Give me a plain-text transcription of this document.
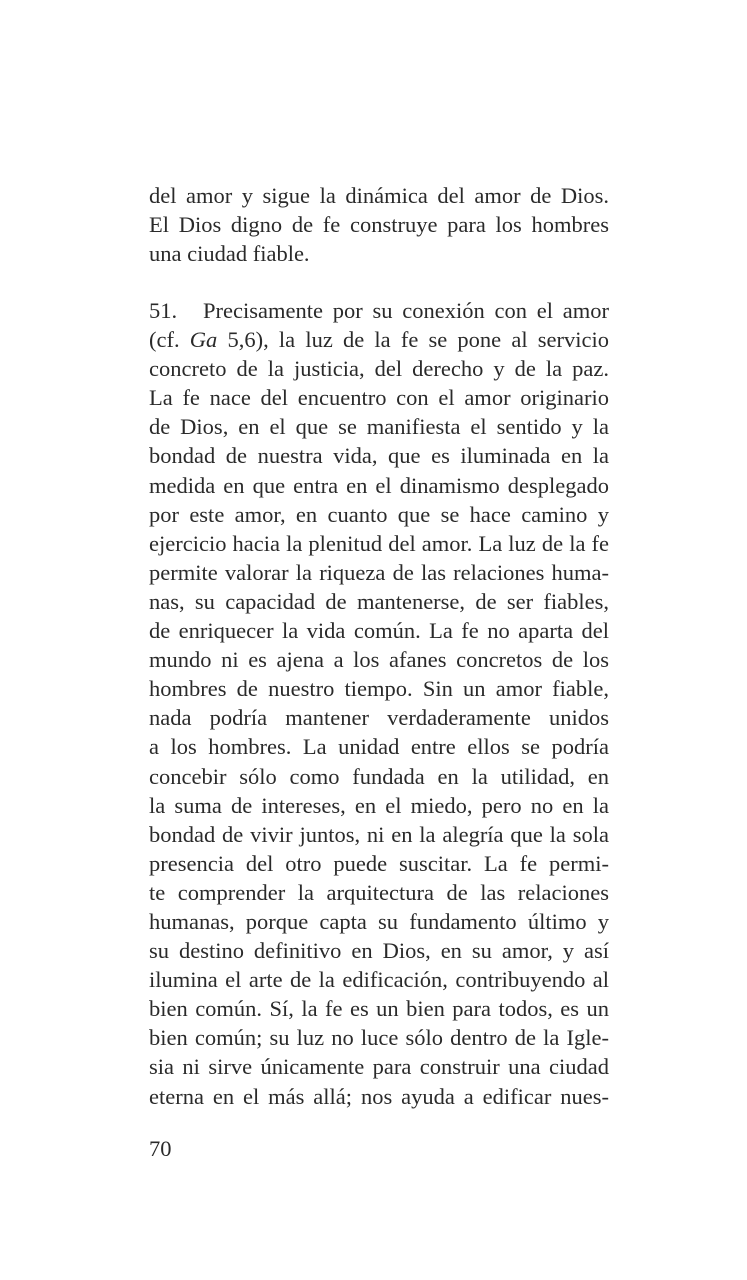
del amor y sigue la dinámica del amor de Dios.
El Dios digno de fe construye para los hombres
una ciudad fiable.
51. Precisamente por su conexión con el amor
(cf. Ga 5,6), la luz de la fe se pone al servicio
concreto de la justicia, del derecho y de la paz.
La fe nace del encuentro con el amor originario
de Dios, en el que se manifiesta el sentido y la
bondad de nuestra vida, que es iluminada en la
medida en que entra en el dinamismo desplegado
por este amor, en cuanto que se hace camino y
ejercicio hacia la plenitud del amor. La luz de la fe
permite valorar la riqueza de las relaciones huma-
nas, su capacidad de mantenerse, de ser fiables,
de enriquecer la vida común. La fe no aparta del
mundo ni es ajena a los afanes concretos de los
hombres de nuestro tiempo. Sin un amor fiable,
nada podría mantener verdaderamente unidos
a los hombres. La unidad entre ellos se podría
concebir sólo como fundada en la utilidad, en
la suma de intereses, en el miedo, pero no en la
bondad de vivir juntos, ni en la alegría que la sola
presencia del otro puede suscitar. La fe permi-
te comprender la arquitectura de las relaciones
humanas, porque capta su fundamento último y
su destino definitivo en Dios, en su amor, y así
ilumina el arte de la edificación, contribuyendo al
bien común. Sí, la fe es un bien para todos, es un
bien común; su luz no luce sólo dentro de la Igle-
sia ni sirve únicamente para construir una ciudad
eterna en el más allá; nos ayuda a edificar nues-
70
